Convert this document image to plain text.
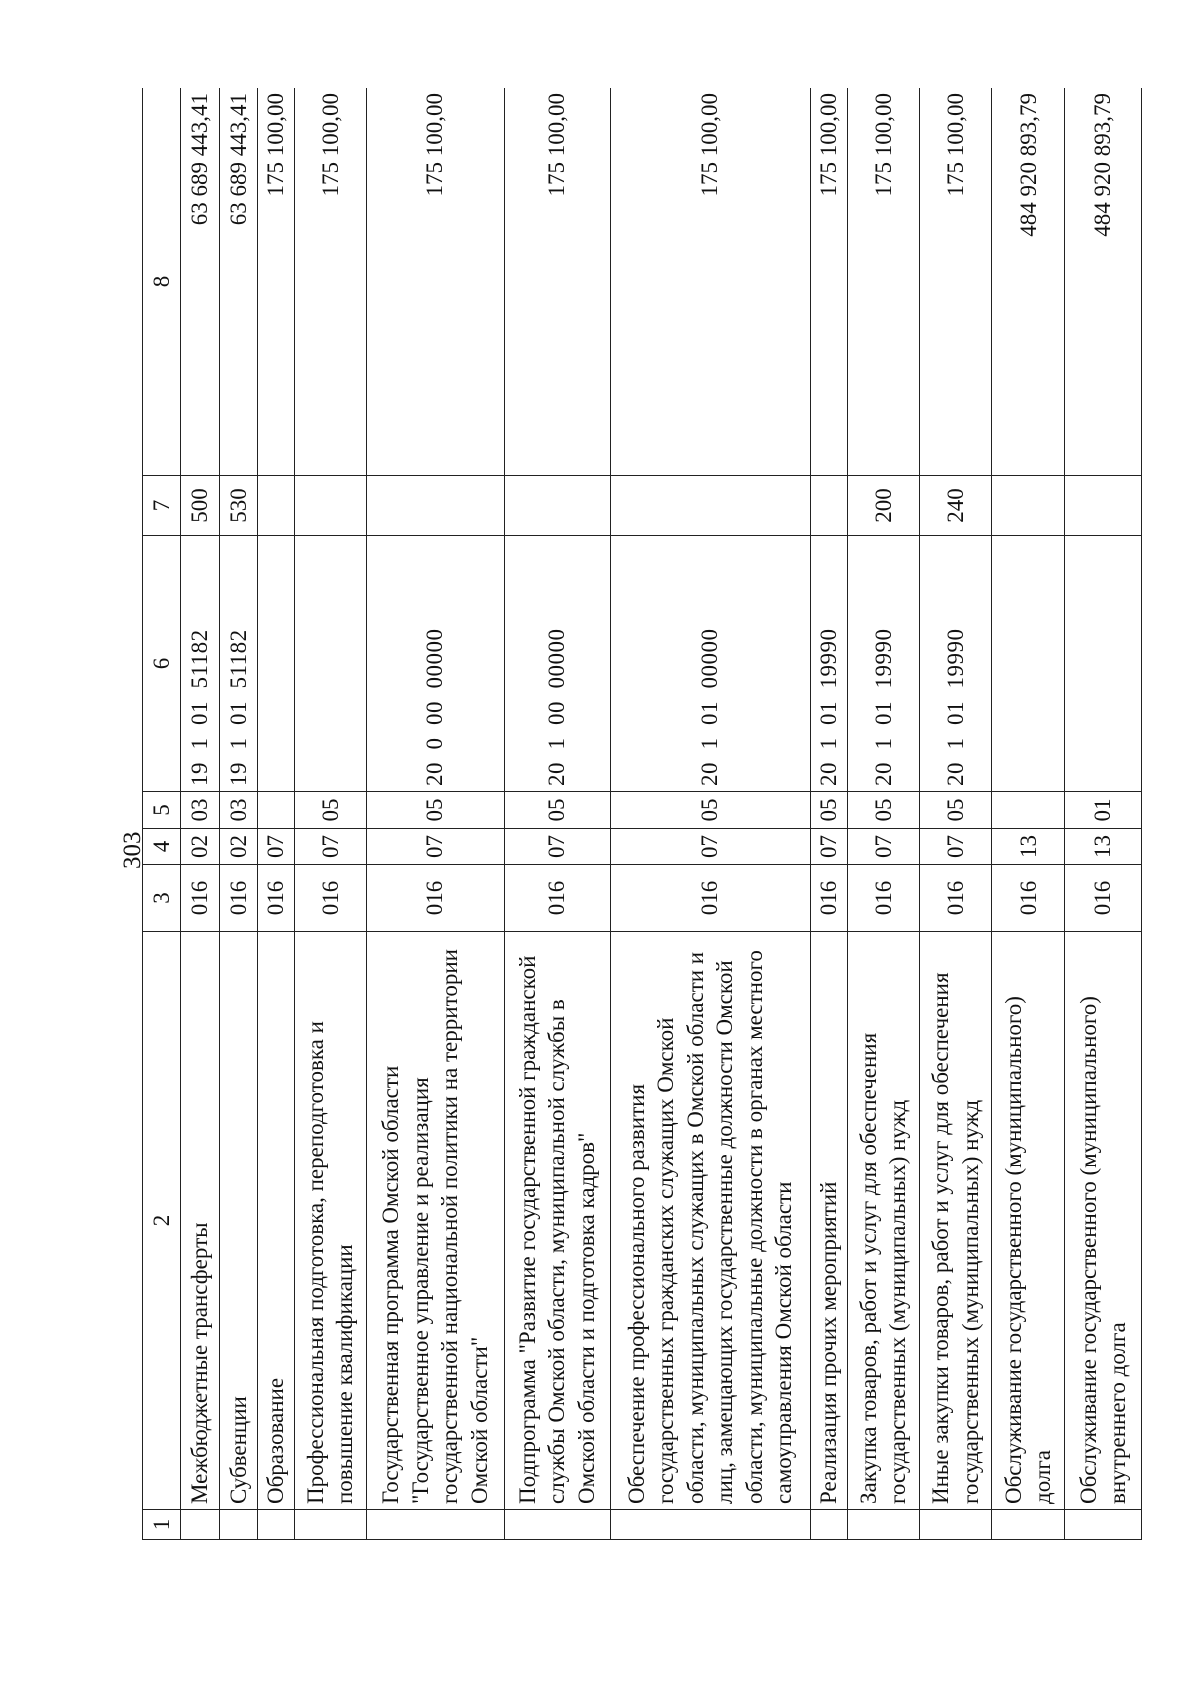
303
1	2	3	4	5	6	7	8
	Межбюджетные трансферты	016	02	03	19  1  01  51182	500	63 689 443,41
	Субвенции	016	02	03	19  1  01  51182	530	63 689 443,41
	Образование	016	07				175 100,00
	Профессиональная подготовка, переподготовка и повышение квалификации	016	07	05			175 100,00
	Государственная программа Омской области "Государственное управление и реализация государственной национальной политики на территории Омской области"	016	07	05	20  0  00  00000		175 100,00
	Подпрограмма "Развитие государственной гражданской службы Омской области, муниципальной службы в Омской области и подготовка кадров"	016	07	05	20  1  00  00000		175 100,00
	Обеспечение профессионального развития государственных гражданских служащих Омской области, муниципальных служащих в Омской области и лиц, замещающих государственные должности Омской области, муниципальные должности в органах местного самоуправления Омской области	016	07	05	20  1  01  00000		175 100,00
	Реализация прочих мероприятий	016	07	05	20  1  01  19990		175 100,00
	Закупка товаров, работ и услуг для обеспечения государственных (муниципальных) нужд	016	07	05	20  1  01  19990	200	175 100,00
	Иные закупки товаров, работ и услуг для обеспечения государственных (муниципальных) нужд	016	07	05	20  1  01  19990	240	175 100,00
	Обслуживание государственного (муниципального) долга	016	13				484 920 893,79
	Обслуживание государственного (муниципального) внутреннего долга	016	13	01			484 920 893,79
